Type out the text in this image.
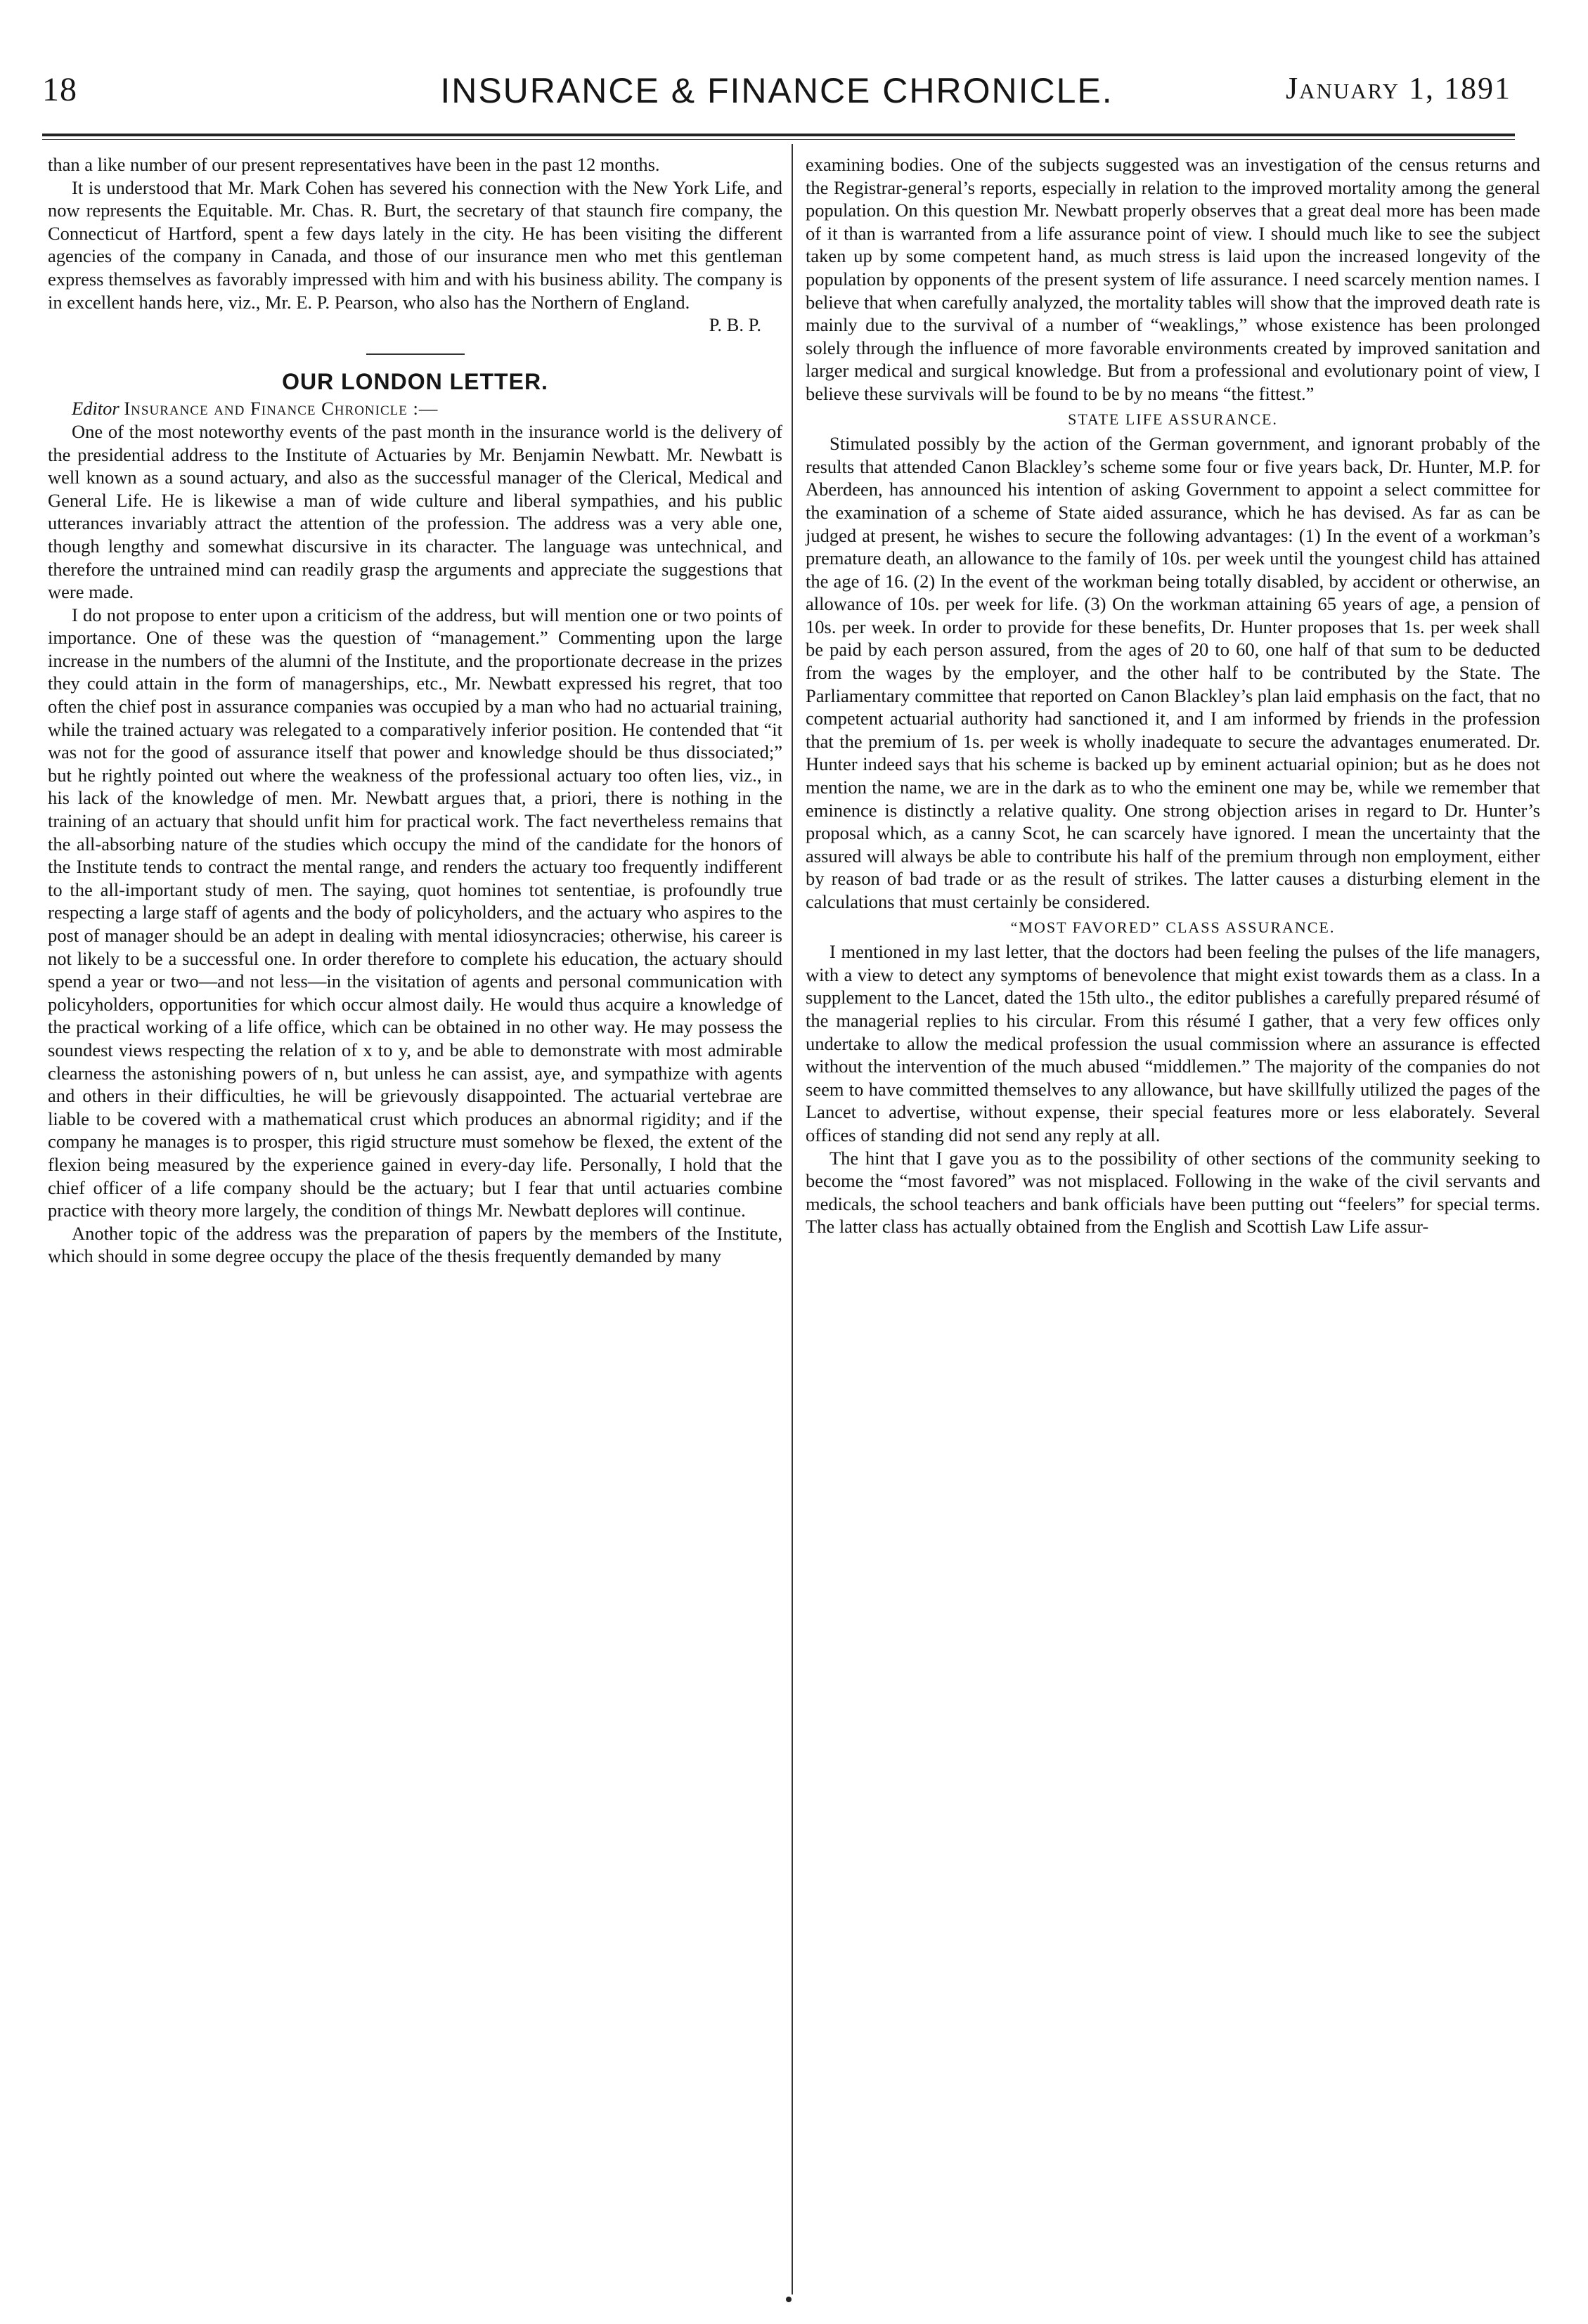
18	INSURANCE & FINANCE CHRONICLE.	January 1, 1891

than a like number of our present representatives have been in the past 12 months.

It is understood that Mr. Mark Cohen has severed his connection with the New York Life, and now represents the Equitable. Mr. Chas. R. Burt, the secretary of that staunch fire company, the Connecticut of Hartford, spent a few days lately in the city. He has been visiting the different agencies of the company in Canada, and those of our insurance men who met this gentleman express themselves as favorably impressed with him and with his business ability. The company is in excellent hands here, viz., Mr. E. P. Pearson, who also has the Northern of England.

P. B. P.

OUR LONDON LETTER.

Editor Insurance and Finance Chronicle :—

One of the most noteworthy events of the past month in the insurance world is the delivery of the presidential address to the Institute of Actuaries by Mr. Benjamin Newbatt. Mr. Newbatt is well known as a sound actuary, and also as the successful manager of the Clerical, Medical and General Life. He is likewise a man of wide culture and liberal sympathies, and his public utterances invariably attract the attention of the profession. The address was a very able one, though lengthy and somewhat discursive in its character. The language was untechnical, and therefore the untrained mind can readily grasp the arguments and appreciate the suggestions that were made.

I do not propose to enter upon a criticism of the address, but will mention one or two points of importance. One of these was the question of “management.” Commenting upon the large increase in the numbers of the alumni of the Institute, and the proportionate decrease in the prizes they could attain in the form of managerships, etc., Mr. Newbatt expressed his regret, that too often the chief post in assurance companies was occupied by a man who had no actuarial training, while the trained actuary was relegated to a comparatively inferior position. He contended that “it was not for the good of assurance itself that power and knowledge should be thus dissociated;” but he rightly pointed out where the weakness of the professional actuary too often lies, viz., in his lack of the knowledge of men. Mr. Newbatt argues that, a priori, there is nothing in the training of an actuary that should unfit him for practical work. The fact nevertheless remains that the all-absorbing nature of the studies which occupy the mind of the candidate for the honors of the Institute tends to contract the mental range, and renders the actuary too frequently indifferent to the all-important study of men. The saying, quot homines tot sententiae, is profoundly true respecting a large staff of agents and the body of policyholders, and the actuary who aspires to the post of manager should be an adept in dealing with mental idiosyncracies; otherwise, his career is not likely to be a successful one. In order therefore to complete his education, the actuary should spend a year or two—and not less—in the visitation of agents and personal communication with policyholders, opportunities for which occur almost daily. He would thus acquire a knowledge of the practical working of a life office, which can be obtained in no other way. He may possess the soundest views respecting the relation of x to y, and be able to demonstrate with most admirable clearness the astonishing powers of n, but unless he can assist, aye, and sympathize with agents and others in their difficulties, he will be grievously disappointed. The actuarial vertebrae are liable to be covered with a mathematical crust which produces an abnormal rigidity; and if the company he manages is to prosper, this rigid structure must somehow be flexed, the extent of the flexion being measured by the experience gained in every-day life. Personally, I hold that the chief officer of a life company should be the actuary; but I fear that until actuaries combine practice with theory more largely, the condition of things Mr. Newbatt deplores will continue.

Another topic of the address was the preparation of papers by the members of the Institute, which should in some degree occupy the place of the thesis frequently demanded by many

examining bodies. One of the subjects suggested was an investigation of the census returns and the Registrar-general’s reports, especially in relation to the improved mortality among the general population. On this question Mr. Newbatt properly observes that a great deal more has been made of it than is warranted from a life assurance point of view. I should much like to see the subject taken up by some competent hand, as much stress is laid upon the increased longevity of the population by opponents of the present system of life assurance. I need scarcely mention names. I believe that when carefully analyzed, the mortality tables will show that the improved death rate is mainly due to the survival of a number of “weaklings,” whose existence has been prolonged solely through the influence of more favorable environments created by improved sanitation and larger medical and surgical knowledge. But from a professional and evolutionary point of view, I believe these survivals will be found to be by no means “the fittest.”

STATE LIFE ASSURANCE.

Stimulated possibly by the action of the German government, and ignorant probably of the results that attended Canon Blackley’s scheme some four or five years back, Dr. Hunter, M.P. for Aberdeen, has announced his intention of asking Government to appoint a select committee for the examination of a scheme of State aided assurance, which he has devised. As far as can be judged at present, he wishes to secure the following advantages: (1) In the event of a workman’s premature death, an allowance to the family of 10s. per week until the youngest child has attained the age of 16. (2) In the event of the workman being totally disabled, by accident or otherwise, an allowance of 10s. per week for life. (3) On the workman attaining 65 years of age, a pension of 10s. per week. In order to provide for these benefits, Dr. Hunter proposes that 1s. per week shall be paid by each person assured, from the ages of 20 to 60, one half of that sum to be deducted from the wages by the employer, and the other half to be contributed by the State. The Parliamentary committee that reported on Canon Blackley’s plan laid emphasis on the fact, that no competent actuarial authority had sanctioned it, and I am informed by friends in the profession that the premium of 1s. per week is wholly inadequate to secure the advantages enumerated. Dr. Hunter indeed says that his scheme is backed up by eminent actuarial opinion; but as he does not mention the name, we are in the dark as to who the eminent one may be, while we remember that eminence is distinctly a relative quality. One strong objection arises in regard to Dr. Hunter’s proposal which, as a canny Scot, he can scarcely have ignored. I mean the uncertainty that the assured will always be able to contribute his half of the premium through non employment, either by reason of bad trade or as the result of strikes. The latter causes a disturbing element in the calculations that must certainly be considered.

“MOST FAVORED” CLASS ASSURANCE.

I mentioned in my last letter, that the doctors had been feeling the pulses of the life managers, with a view to detect any symptoms of benevolence that might exist towards them as a class. In a supplement to the Lancet, dated the 15th ulto., the editor publishes a carefully prepared résumé of the managerial replies to his circular. From this résumé I gather, that a very few offices only undertake to allow the medical profession the usual commission where an assurance is effected without the intervention of the much abused “middlemen.” The majority of the companies do not seem to have committed themselves to any allowance, but have skillfully utilized the pages of the Lancet to advertise, without expense, their special features more or less elaborately. Several offices of standing did not send any reply at all.

The hint that I gave you as to the possibility of other sections of the community seeking to become the “most favored” was not misplaced. Following in the wake of the civil servants and medicals, the school teachers and bank officials have been putting out “feelers” for special terms. The latter class has actually obtained from the English and Scottish Law Life assur-
